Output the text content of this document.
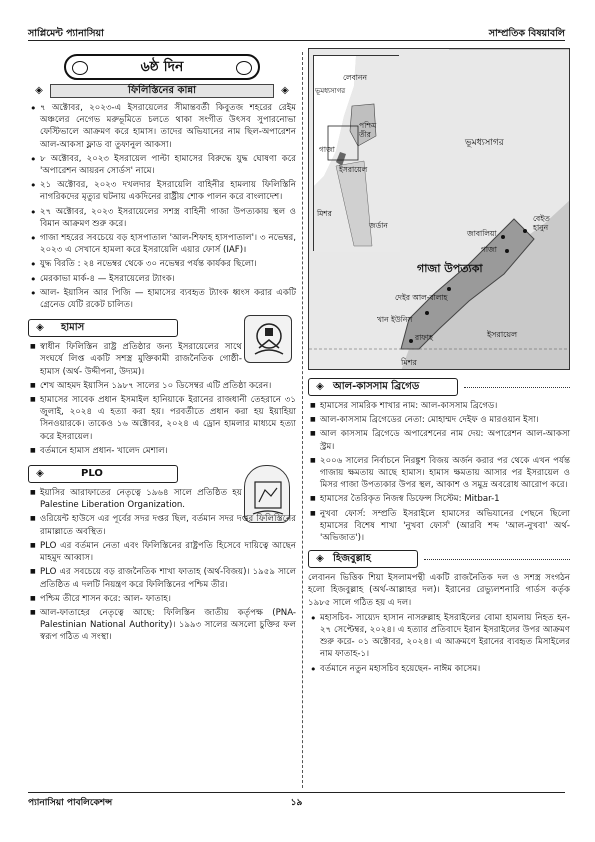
সাপ্লিমেন্ট প্যানাসিয়া	সাম্প্রতিক বিষয়াবলি
৬ষ্ঠ দিন
◈	ফিলিস্তিনের কান্না	◈
• ৭ অক্টোবর, ২০২৩-এ ইসরায়েলের সীমান্তবর্তী কিবুতজ শহরের রেইম অঞ্চলের নেগেভ মরুভূমিতে চলতে থাকা সংগীত উৎসব সুপারনোভা ফেস্টিভালে আক্রমণ করে হামাস। তাদের অভিযানের নাম ছিল-অপারেশন আল-আকসা ফ্লাড বা তুফানুল আকসা।
• ৮ অক্টোবর, ২০২৩ ইসরায়েল পাল্টা হামাসের বিরুদ্ধে যুদ্ধ ঘোষণা করে 'অপারেশন আয়রন সোর্ডস' নামে।
• ২১ অক্টোবর, ২০২৩ দখলদার ইসরায়েলি বাহিনীর হামলায় ফিলিস্তিনি নাগরিকদের মৃত্যুর ঘটনায় একদিনের রাষ্ট্রীয় শোক পালন করে বাংলাদেশ।
• ২৭ অক্টোবর, ২০২৩ ইসরায়েলের সশস্ত্র বাহিনী গাজা উপত্যকায় স্থল ও বিমান আক্রমণ শুরু করে।
• গাজা শহরের সবচেয়ে বড় হাসপাতাল 'আল-শিফাহ হাসপাতাল'। ৩ নভেম্বর, ২০২৩ এ সেখানে হামলা করে ইসরায়েলি এয়ার ফোর্স (IAF)।
• যুদ্ধ বিরতি : ২৪ নভেম্বর থেকে ৩০ নভেম্বর পর্যন্ত কার্যকর ছিলো।
• মেরকাভা মার্ক-৪ — ইসরায়েলের ট্যাংক।
• আল- ইয়াসিন আর পিজি — হামাসের ব্যবহৃত ট্যাংক ধ্বংস করার একটি গ্রেনেড যেটি রকেট চালিত।
◈	হামাস
■ স্বাধীন ফিলিস্তিন রাষ্ট্র প্রতিষ্ঠার জন্য ইসরায়েলের সাথে সংঘর্ষে লিপ্ত একটি সশস্ত্র মুক্তিকামী রাজনৈতিক গোষ্ঠী-হামাস (অর্থ- উদ্দীপনা, উদ্যম)।
■ শেখ আহমদ ইয়াসিন ১৯৮৭ সালের ১০ ডিসেম্বর এটি প্রতিষ্ঠা করেন।
■ হামাসের সাবেক প্রধান ইসমাইল হানিয়াকে ইরানের রাজধানী তেহরানে ৩১ জুলাই, ২০২৪ এ হত্যা করা হয়। পরবর্তীতে প্রধান করা হয় ইয়াহিয়া সিনওয়ারকে। তাকেও ১৬ অক্টোবর, ২০২৪ এ ড্রোন হামলার মাধ্যমে হত্যা করে ইসরায়েল।
■ বর্তমানে হামাস প্রধান- খালেদ মেশাল।
◈	PLO
■ ইয়াসির আরাফাতের নেতৃত্বে ১৯৬৪ সালে প্রতিষ্ঠিত হয় Palestine Liberation Organization.
■ ওরিয়েন্ট হাউসে এর পূর্বের সদর দপ্তর ছিল, বর্তমান সদর দপ্তর ফিলিস্তিনের রামাল্লাতে অবস্থিত।
■ PLO এর বর্তমান নেতা এবং ফিলিস্তিনের রাষ্ট্রপতি হিসেবে দায়িত্বে আছেন মাহমুদ আব্বাস।
■ PLO এর সবচেয়ে বড় রাজনৈতিক শাখা ফাতাহ (অর্থ-বিজয়)। ১৯৫৯ সালে প্রতিষ্ঠিত এ দলটি নিয়ন্ত্রণ করে ফিলিস্তিনের পশ্চিম তীর।
■ পশ্চিম তীরে শাসন করে: আল- ফাতাহ।
■ আল-ফাতাহের নেতৃত্বে আছে: ফিলিস্তিন জাতীয় কর্তৃপক্ষ (PNA-Palestinian National Authority)। ১৯৯৩ সালের অসলো চুক্তির ফল স্বরূপ গঠিত এ সংস্থা।
লেবানন
ভূমধ্যসাগর
পশ্চিম তীর
গাজা
ইসরায়েল
মিশর
জর্ডান
ভূমধ্যসাগর
বেইত হানুন
জাবালিয়া
গাজা
গাজা উপত্যকা
দেইর আল-বালাহ
খান ইউনিস
রাফাহ	ইসরায়েল
মিশর
◈ আল-কাসসাম ব্রিগেড
■ হামাসের সামরিক শাখার নাম: আল-কাসসাম ব্রিগেড।
■ আল-কাসসাম ব্রিগেডের নেতা: মোহাম্মদ দেইফ ও মারওয়ান ইসা।
■ আল কাসসাম ব্রিগেডে অপারেশনের নাম দেয়: অপারেশন আল-আকসা স্ট্রম।
■ ২০০৬ সালের নির্বাচনে নিরঙ্কুশ বিজয় অর্জন করার পর থেকে এখন পর্যন্ত গাজায় ক্ষমতায় আছে হামাস। হামাস ক্ষমতায় আসার পর ইসরায়েল ও মিসর গাজা উপত্যকার উপর স্থল, আকাশ ও সমুদ্র অবরোধ আরোপ করে।
■ হামাসের তৈরিকৃত নিজস্ব ডিফেন্স সিস্টেম: Mitbar-1
■ নুখবা ফোর্স: সম্প্রতি ইসরাইলে হামাসের অভিযানের পেছনে ছিলো হামাসের বিশেষ শাখা 'নুখবা ফোর্স' (আরবি শব্দ 'আল-নুখবা' অর্থ- 'অভিজাত')।
◈ হিজবুল্লাহ

লেবানন ভিত্তিক শিয়া ইসলামপন্থী একটি রাজনৈতিক দল ও সশস্ত্র সংগঠন হলো হিজবুল্লাহ (অর্থ-আল্লাহর দল)। ইরানের রেভ্যুলশনারি গার্ডস কর্তৃক ১৯৮৫ সালে গঠিত হয় এ দল।

• মহাসচিব- সায়্যেদ হাসান নাসরুল্লাহ ইসরাইলের বোমা হামলায় নিহত হন- ২৭ সেপ্টেম্বর, ২০২৪। এ হত্যার প্রতিবাদে ইরান ইসরাইলের উপর আক্রমণ শুরু করে- ০১ অক্টোবর, ২০২৪। এ আক্রমণে ইরানের ব্যবহৃত মিসাইলের নাম ফাতাহ-১।
• বর্তমানে নতুন মহাসচিব হয়েছেন- নাঈম কাসেম।
প্যানাসিয়া পাবলিকেশন্স	১৯
